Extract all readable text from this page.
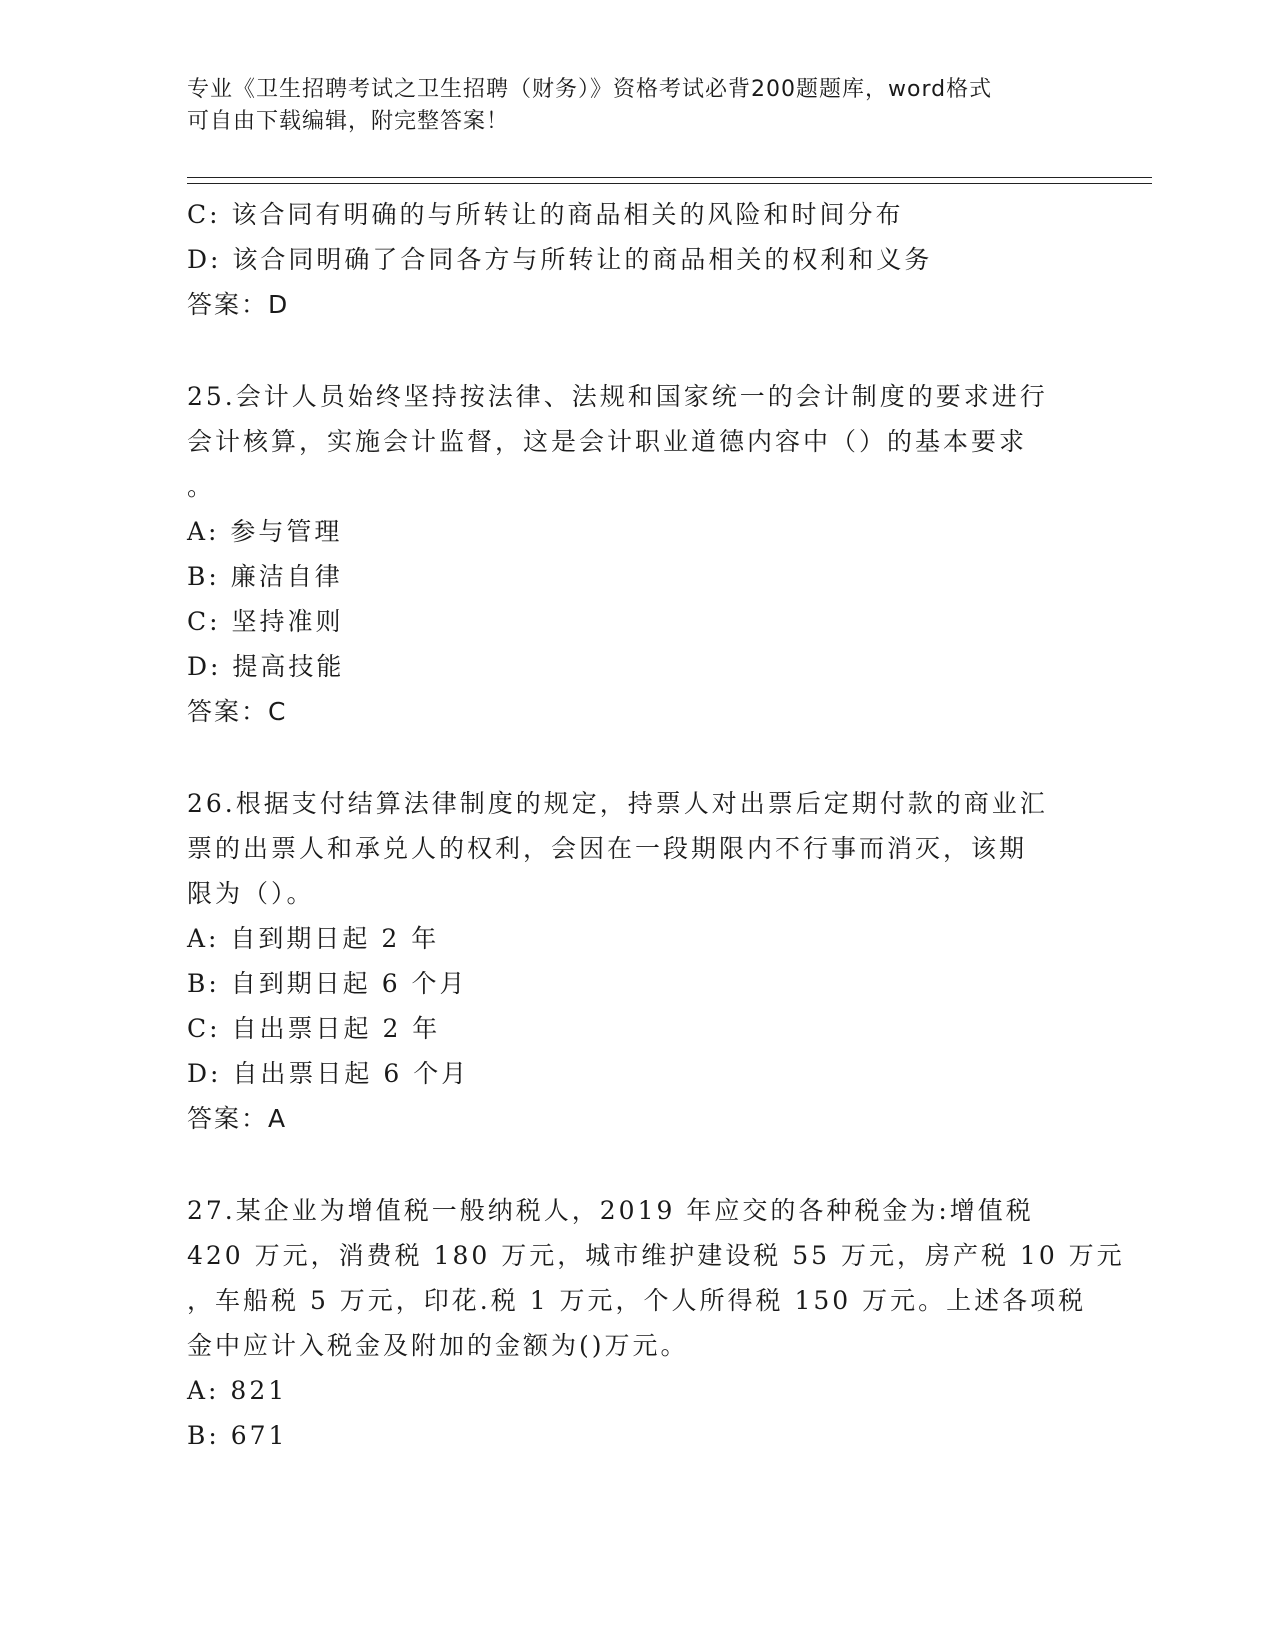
专业《卫生招聘考试之卫生招聘（财务）》资格考试必背200题题库，word格式
可自由下载编辑，附完整答案！
C: 该合同有明确的与所转让的商品相关的风险和时间分布
D: 该合同明确了合同各方与所转让的商品相关的权利和义务
答案：D
25.会计人员始终坚持按法律、法规和国家统一的会计制度的要求进行
会计核算，实施会计监督，这是会计职业道德内容中（）的基本要求
。
A: 参与管理
B: 廉洁自律
C: 坚持准则
D: 提高技能
答案：C
26.根据支付结算法律制度的规定，持票人对出票后定期付款的商业汇
票的出票人和承兑人的权利，会因在一段期限内不行事而消灭，该期
限为（）。
A: 自到期日起 2 年
B: 自到期日起 6 个月
C: 自出票日起 2 年
D: 自出票日起 6 个月
答案：A
27.某企业为增值税一般纳税人，2019 年应交的各种税金为:增值税
420 万元，消费税 180 万元，城市维护建设税 55 万元，房产税 10 万元
，车船税 5 万元，印花.税 1 万元，个人所得税 150 万元。上述各项税
金中应计入税金及附加的金额为()万元。
A: 821
B: 671
